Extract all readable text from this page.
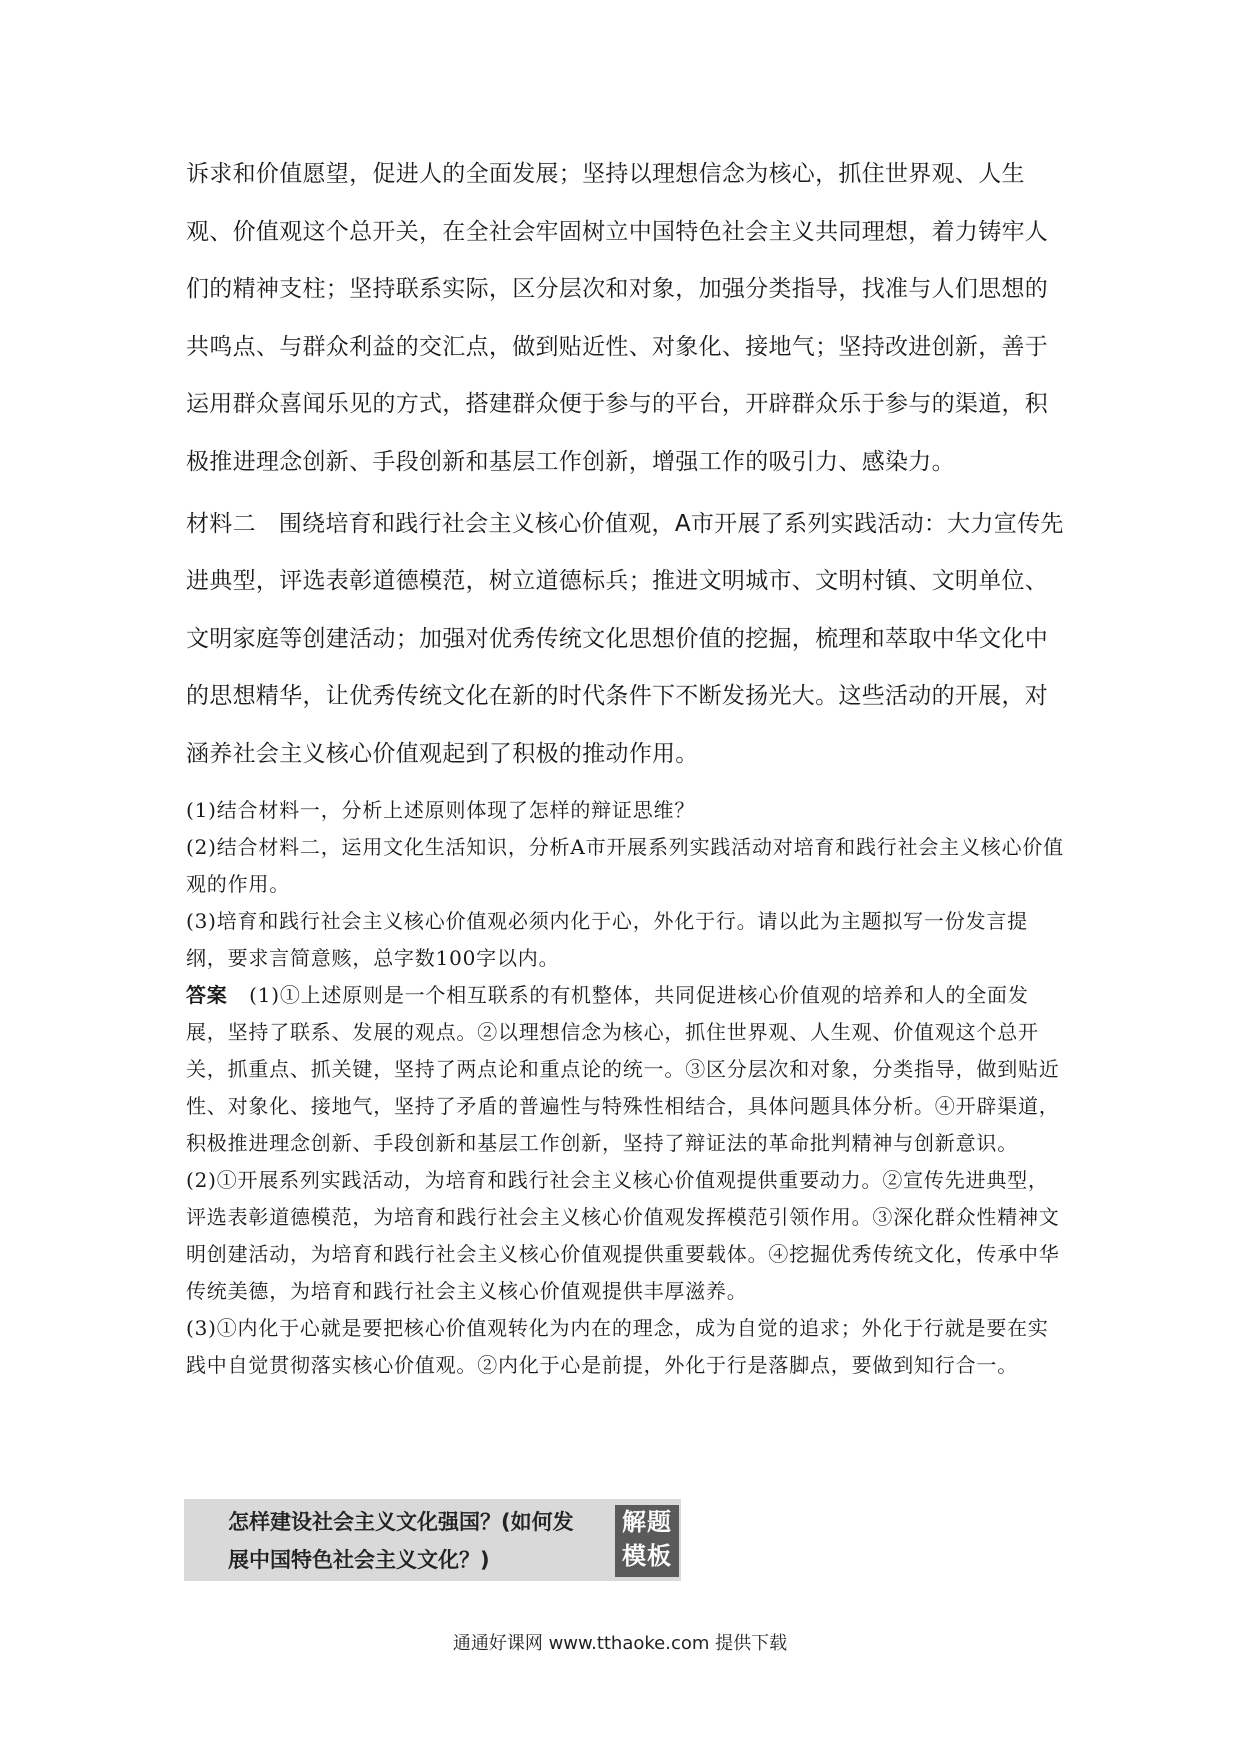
诉求和价值愿望，促进人的全面发展；坚持以理想信念为核心，抓住世界观、人生观、价值观这个总开关，在全社会牢固树立中国特色社会主义共同理想，着力铸牢人们的精神支柱；坚持联系实际，区分层次和对象，加强分类指导，找准与人们思想的共鸣点、与群众利益的交汇点，做到贴近性、对象化、接地气；坚持改进创新，善于运用群众喜闻乐见的方式，搭建群众便于参与的平台，开辟群众乐于参与的渠道，积极推进理念创新、手段创新和基层工作创新，增强工作的吸引力、感染力。

材料二 围绕培育和践行社会主义核心价值观，A市开展了系列实践活动：大力宣传先进典型，评选表彰道德模范，树立道德标兵；推进文明城市、文明村镇、文明单位、文明家庭等创建活动；加强对优秀传统文化思想价值的挖掘，梳理和萃取中华文化中的思想精华，让优秀传统文化在新的时代条件下不断发扬光大。这些活动的开展，对涵养社会主义核心价值观起到了积极的推动作用。

(1)结合材料一，分析上述原则体现了怎样的辩证思维？

(2)结合材料二，运用文化生活知识，分析A市开展系列实践活动对培育和践行社会主义核心价值观的作用。

(3)培育和践行社会主义核心价值观必须内化于心，外化于行。请以此为主题拟写一份发言提纲，要求言简意赅，总字数100字以内。

答案 (1)①上述原则是一个相互联系的有机整体，共同促进核心价值观的培养和人的全面发展，坚持了联系、发展的观点。②以理想信念为核心，抓住世界观、人生观、价值观这个总开关，抓重点、抓关键，坚持了两点论和重点论的统一。③区分层次和对象，分类指导，做到贴近性、对象化、接地气，坚持了矛盾的普遍性与特殊性相结合，具体问题具体分析。④开辟渠道，积极推进理念创新、手段创新和基层工作创新，坚持了辩证法的革命批判精神与创新意识。

(2)①开展系列实践活动，为培育和践行社会主义核心价值观提供重要动力。②宣传先进典型，评选表彰道德模范，为培育和践行社会主义核心价值观发挥模范引领作用。③深化群众性精神文明创建活动，为培育和践行社会主义核心价值观提供重要载体。④挖掘优秀传统文化，传承中华传统美德，为培育和践行社会主义核心价值观提供丰厚滋养。

(3)①内化于心就是要把核心价值观转化为内在的理念，成为自觉的追求；外化于行就是要在实践中自觉贯彻落实核心价值观。②内化于心是前提，外化于行是落脚点，要做到知行合一。

怎样建设社会主义文化强国？(如何发展中国特色社会主义文化？)
解题模板
通通好课网 www.tthaoke.com 提供下载
